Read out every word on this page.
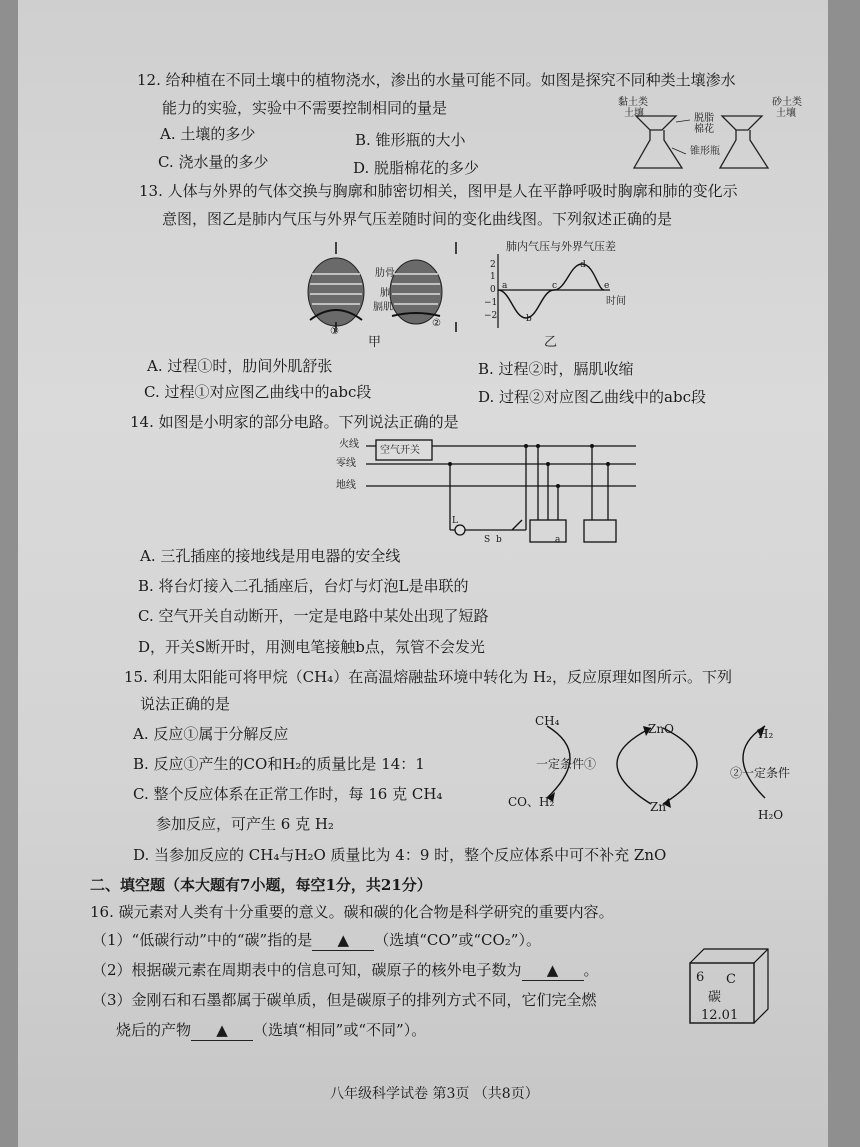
12. 给种植在不同土壤中的植物浇水，渗出的水量可能不同。如图是探究不同种类土壤渗水
能力的实验，实验中不需要控制相同的量是
A. 土壤的多少	B. 锥形瓶的大小
C. 浇水量的多少	D. 脱脂棉花的多少
黏土类
土壤
砂土类
土壤
脱脂
棉花
锥形瓶
13. 人体与外界的气体交换与胸廓和肺密切相关，图甲是人在平静呼吸时胸廓和肺的变化示
意图，图乙是肺内气压与外界气压差随时间的变化曲线图。下列叙述正确的是
肋骨
肺
膈肌
①
②
甲
肺内气压与外界气压差
2
1
0
−1
−2
a
b
c
d
e
时间
乙
A. 过程①时，肋间外肌舒张	B. 过程②时，膈肌收缩
C. 过程①对应图乙曲线中的abc段	D. 过程②对应图乙曲线中的abc段
14. 如图是小明家的部分电路。下列说法正确的是
火线
零线
地线
空气开关
L
S b	a
A. 三孔插座的接地线是用电器的安全线
B. 将台灯接入二孔插座后，台灯与灯泡L是串联的
C. 空气开关自动断开，一定是电路中某处出现了短路
D，开关S断开时，用测电笔接触b点，氖管不会发光
15. 利用太阳能可将甲烷（CH₄）在高温熔融盐环境中转化为 H₂，反应原理如图所示。下列
说法正确的是
A. 反应①属于分解反应
B. 反应①产生的CO和H₂的质量比是 14：1
C. 整个反应体系在正常工作时，每 16 克 CH₄
参加反应，可产生 6 克 H₂
D. 当参加反应的 CH₄与H₂O 质量比为 4：9 时，整个反应体系中可不补充 ZnO
CH₄
CO、H₂
ZnO
Zn
H₂
H₂O
一定条件①
②一定条件
二、填空题（本大题有7小题，每空1分，共21分）
16. 碳元素对人类有十分重要的意义。碳和碳的化合物是科学研究的重要内容。
（1）“低碳行动”中的“碳”指的是 ▲ （选填“CO”或“CO₂”）。
（2）根据碳元素在周期表中的信息可知，碳原子的核外电子数为 ▲ 。
（3）金刚石和石墨都属于碳单质，但是碳原子的排列方式不同，它们完全燃
烧后的产物 ▲ （选填“相同”或“不同”）。
6 C
碳
12.01
八年级科学试卷 第3页 （共8页）
